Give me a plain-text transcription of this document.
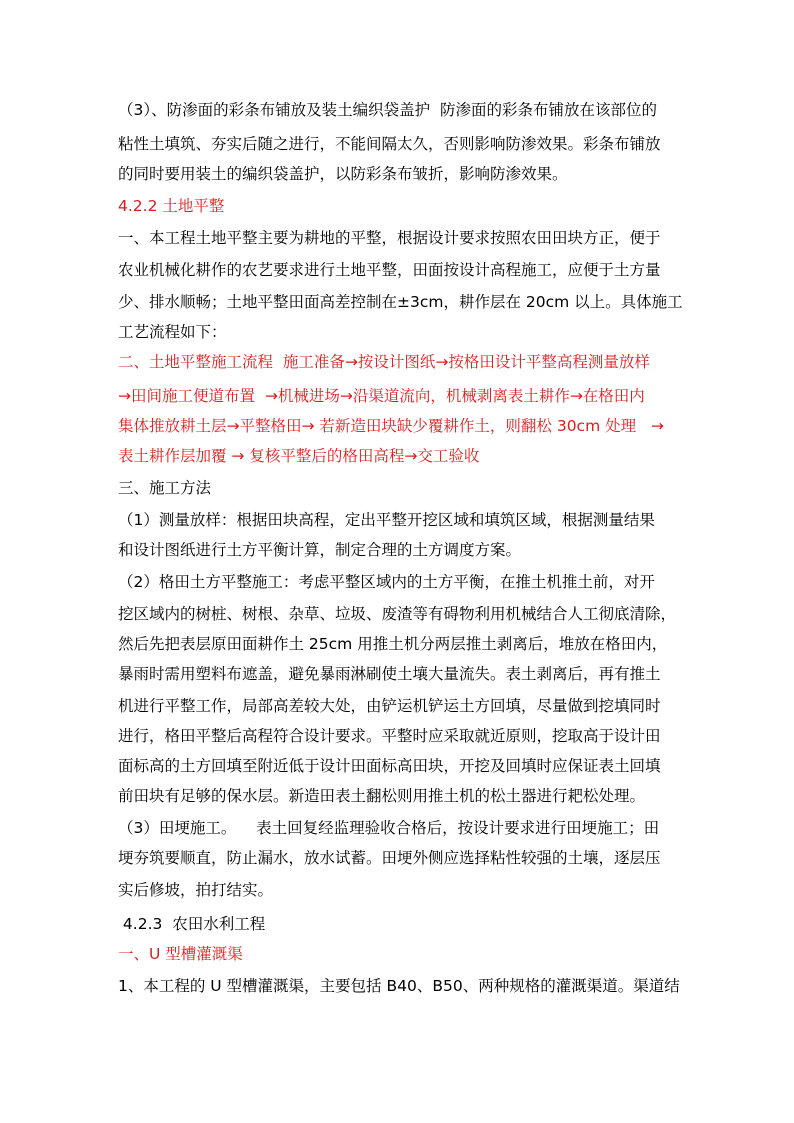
（3）、防渗面的彩条布铺放及装土编织袋盖护  防渗面的彩条布铺放在该部位的
粘性土填筑、夯实后随之进行，不能间隔太久，否则影响防渗效果。彩条布铺放
的同时要用装土的编织袋盖护，以防彩条布皱折，影响防渗效果。
4.2.2 土地平整
一、本工程土地平整主要为耕地的平整，根据设计要求按照农田田块方正，便于
农业机械化耕作的农艺要求进行土地平整，田面按设计高程施工，应便于土方量
少、排水顺畅；土地平整田面高差控制在±3cm，耕作层在 20cm 以上。具体施工
工艺流程如下：
二、土地平整施工流程  施工准备→按设计图纸→按格田设计平整高程测量放样
→田间施工便道布置  →机械进场→沿渠道流向，机械剥离表土耕作→在格田内
集体推放耕土层→平整格田→ 若新造田块缺少覆耕作土，则翻松 30cm 处理   →
表土耕作层加覆 → 复核平整后的格田高程→交工验收
三、施工方法
（1）测量放样：根据田块高程，定出平整开挖区域和填筑区域，根据测量结果
和设计图纸进行土方平衡计算，制定合理的土方调度方案。
（2）格田土方平整施工：考虑平整区域内的土方平衡，在推土机推土前，对开
挖区域内的树桩、树根、杂草、垃圾、废渣等有碍物利用机械结合人工彻底清除，
然后先把表层原田面耕作土 25cm 用推土机分两层推土剥离后，堆放在格田内，
暴雨时需用塑料布遮盖，避免暴雨淋刷使土壤大量流失。表土剥离后，再有推土
机进行平整工作，局部高差较大处，由铲运机铲运土方回填，尽量做到挖填同时
进行，格田平整后高程符合设计要求。平整时应采取就近原则，挖取高于设计田
面标高的土方回填至附近低于设计田面标高田块，开挖及回填时应保证表土回填
前田块有足够的保水层。新造田表土翻松则用推土机的松土器进行耙松处理。
（3）田埂施工。    表土回复经监理验收合格后，按设计要求进行田埂施工；田
埂夯筑要顺直，防止漏水，放水试蓄。田埂外侧应选择粘性较强的土壤，逐层压
实后修坡，拍打结实。
4.2.3  农田水利工程
一、U 型槽灌溉渠
1、本工程的 U 型槽灌溉渠，主要包括 B40、B50、两种规格的灌溉渠道。渠道结
